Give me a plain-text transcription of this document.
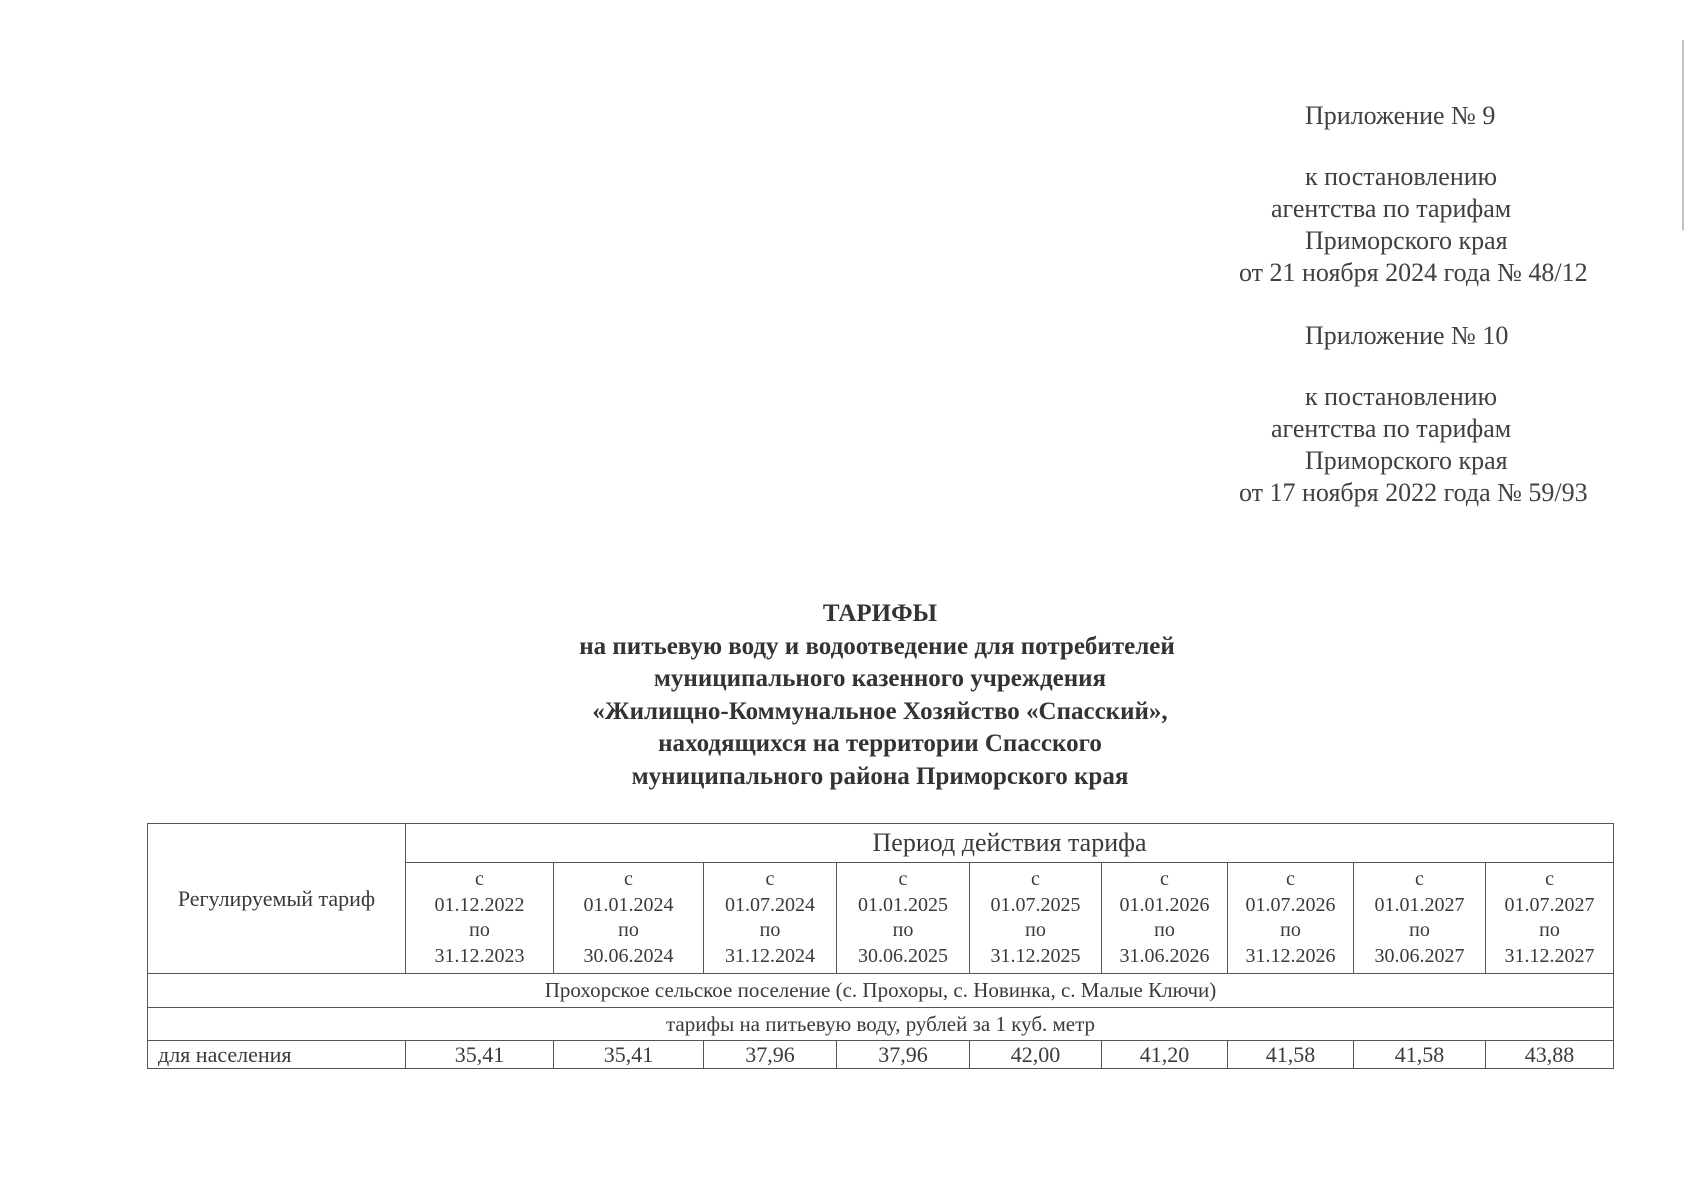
Приложение № 9
к постановлению
агентства по тарифам
Приморского края
от 21 ноября 2024 года № 48/12
Приложение № 10
к постановлению
агентства по тарифам
Приморского края
от 17 ноября 2022 года № 59/93
ТАРИФЫ
на питьевую воду и водоотведение для потребителей
муниципального казенного учреждения
«Жилищно-Коммунальное Хозяйство «Спасский»,
находящихся на территории Спасского
муниципального района Приморского края
Регулируемый тариф	Период действия тарифа								

	с
01.12.2022
по
31.12.2023	с
01.01.2024
по
30.06.2024	с
01.07.2024
по
31.12.2024	с
01.01.2025
по
30.06.2025	с
01.07.2025
по
31.12.2025	с
01.01.2026
по
31.06.2026	с
01.07.2026
по
31.12.2026	с
01.01.2027
по
30.06.2027	с
01.07.2027
по
31.12.2027

Прохорское сельское поселение (с. Прохоры, с. Новинка, с. Малые Ключи)									
тарифы на питьевую воду, рублей за 1 куб. метр									
для населения	35,41	35,41	37,96	37,96	42,00	41,20	41,58	41,58	43,88
